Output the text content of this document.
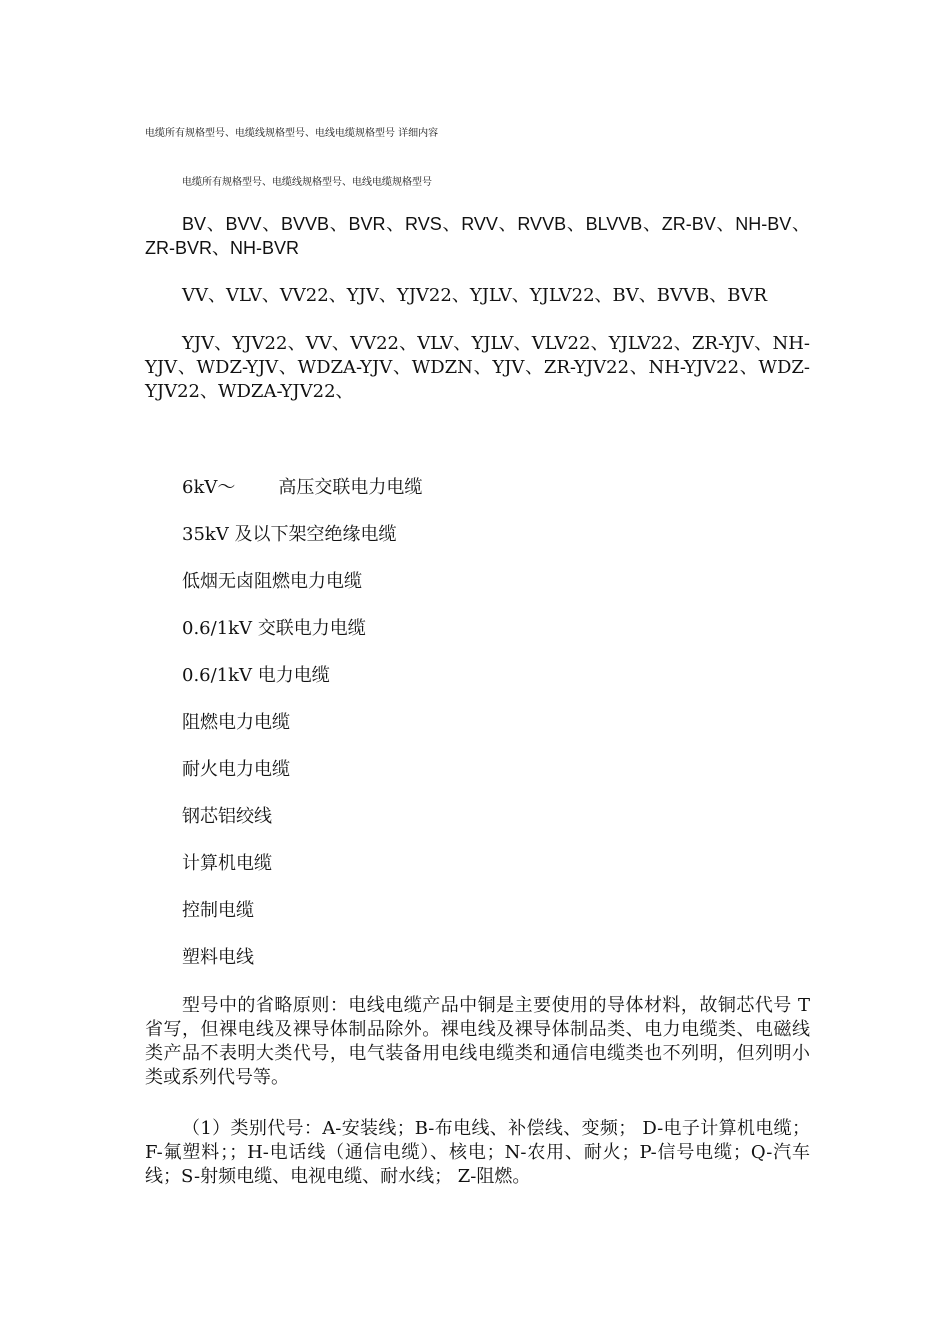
电缆所有规格型号、电缆线规格型号、电线电缆规格型号 详细内容
电缆所有规格型号、电缆线规格型号、电线电缆规格型号

BV、BVV、BVVB、BVR、RVS、RVV、RVVB、BLVVB、ZR-BV、NH-BV、ZR-BVR、NH-BVR

VV、VLV、VV22、YJV、YJV22、YJLV、YJLV22、BV、BVVB、BVR

YJV、YJV22、VV、VV22、VLV、YJLV、VLV22、YJLV22、ZR-YJV、NH-YJV、WDZ-YJV、WDZA-YJV、WDZN、YJV、ZR-YJV22、NH-YJV22、WDZ-YJV22、WDZA-YJV22、

6kV～ 高压交联电力电缆
35kV 及以下架空绝缘电缆
低烟无卤阻燃电力电缆
0.6/1kV 交联电力电缆
0.6/1kV 电力电缆
阻燃电力电缆
耐火电力电缆
钢芯铝绞线
计算机电缆
控制电缆
塑料电线

型号中的省略原则：电线电缆产品中铜是主要使用的导体材料，故铜芯代号 T 省写，但裸电线及裸导体制品除外。裸电线及裸导体制品类、电力电缆类、电磁线类产品不表明大类代号，电气装备用电线电缆类和通信电缆类也不列明，但列明小类或系列代号等。

（1）类别代号：A-安装线；B-布电线、补偿线、变频； D-电子计算机电缆；F-氟塑料；；H-电话线（通信电缆）、核电；N-农用、耐火；P-信号电缆；Q-汽车线；S-射频电缆、电视电缆、耐水线； Z-阻燃。
